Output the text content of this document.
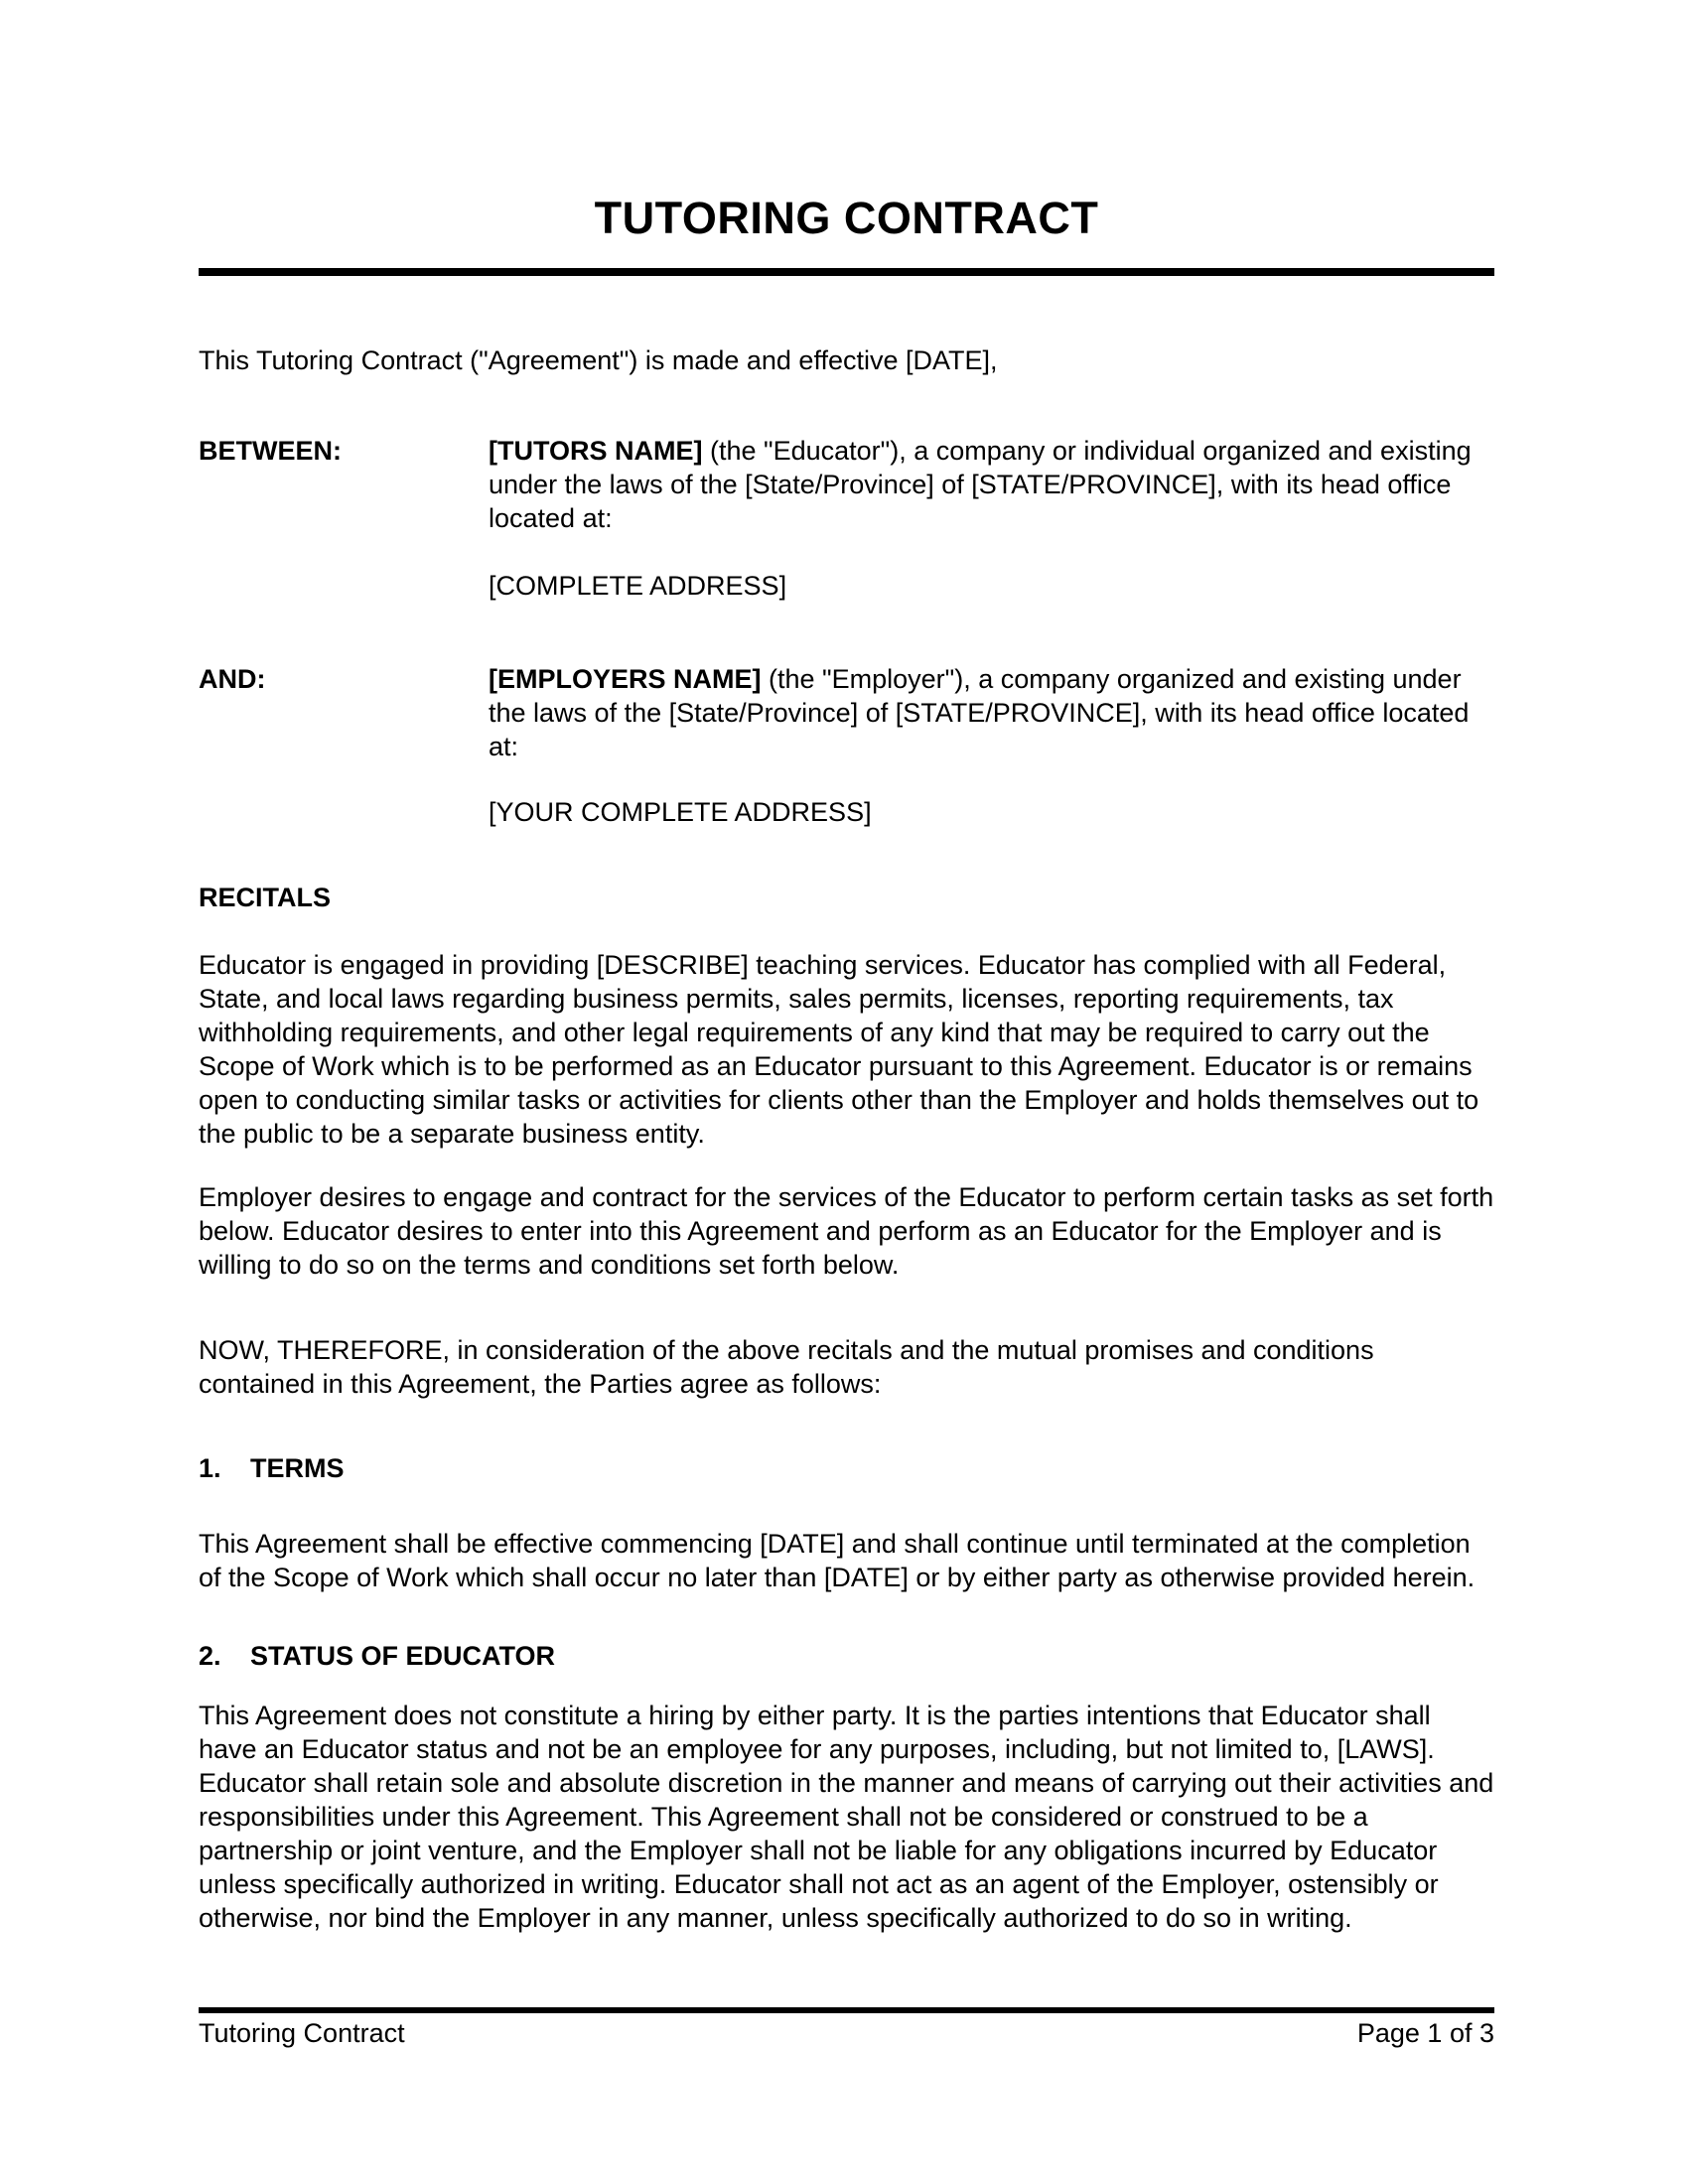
TUTORING CONTRACT

This Tutoring Contract ("Agreement") is made and effective [DATE],

BETWEEN:	[TUTORS NAME] (the "Educator"), a company or individual organized and existing under the laws of the [State/Province] of [STATE/PROVINCE], with its head office located at:

[COMPLETE ADDRESS]

AND:	[EMPLOYERS NAME] (the "Employer"), a company organized and existing under the laws of the [State/Province] of [STATE/PROVINCE], with its head office located at:

[YOUR COMPLETE ADDRESS]

RECITALS

Educator is engaged in providing [DESCRIBE] teaching services. Educator has complied with all Federal, State, and local laws regarding business permits, sales permits, licenses, reporting requirements, tax withholding requirements, and other legal requirements of any kind that may be required to carry out the Scope of Work which is to be performed as an Educator pursuant to this Agreement. Educator is or remains open to conducting similar tasks or activities for clients other than the Employer and holds themselves out to the public to be a separate business entity.

Employer desires to engage and contract for the services of the Educator to perform certain tasks as set forth below. Educator desires to enter into this Agreement and perform as an Educator for the Employer and is willing to do so on the terms and conditions set forth below.

NOW, THEREFORE, in consideration of the above recitals and the mutual promises and conditions contained in this Agreement, the Parties agree as follows:

1.	TERMS

This Agreement shall be effective commencing [DATE] and shall continue until terminated at the completion of the Scope of Work which shall occur no later than [DATE] or by either party as otherwise provided herein.

2.	STATUS OF EDUCATOR

This Agreement does not constitute a hiring by either party. It is the parties intentions that Educator shall have an Educator status and not be an employee for any purposes, including, but not limited to, [LAWS]. Educator shall retain sole and absolute discretion in the manner and means of carrying out their activities and responsibilities under this Agreement. This Agreement shall not be considered or construed to be a partnership or joint venture, and the Employer shall not be liable for any obligations incurred by Educator unless specifically authorized in writing. Educator shall not act as an agent of the Employer, ostensibly or otherwise, nor bind the Employer in any manner, unless specifically authorized to do so in writing.

Tutoring Contract	Page 1 of 3
